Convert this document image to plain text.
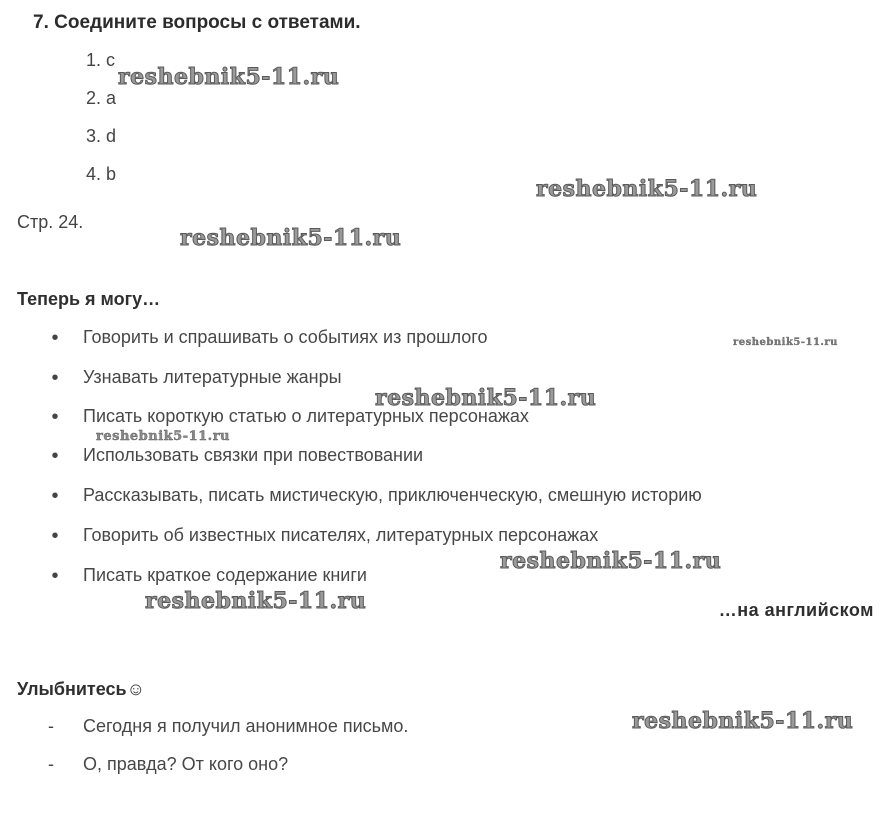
7. Соедините вопросы с ответами.
1. c
2. a
3. d
4. b
Стр. 24.
Теперь я могу…
•	Говорить и спрашивать о событиях из прошлого
•	Узнавать литературные жанры
•	Писать короткую статью о литературных персонажах
•	Использовать связки при повествовании
•	Рассказывать, писать мистическую, приключенческую, смешную историю
•	Говорить об известных писателях, литературных персонажах
•	Писать краткое содержание книги
…на английском
Улыбнитесь☺
- Сегодня я получил анонимное письмо.
- О, правда? От кого оно?
reshebnik5-11.ru
reshebnik5-11.ru
reshebnik5-11.ru
reshebnik5-11.ru
reshebnik5-11.ru
reshebnik5-11.ru
reshebnik5-11.ru
reshebnik5-11.ru
reshebnik5-11.ru
